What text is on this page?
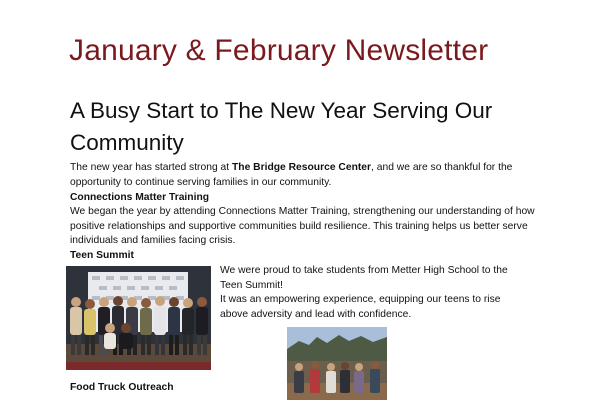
January & February Newsletter
A Busy Start to The New Year Serving Our Community

The new year has started strong at The Bridge Resource Center, and we are so thankful for the opportunity to continue serving families in our community.

Connections Matter Training

We began the year by attending Connections Matter Training, strengthening our understanding of how positive relationships and supportive communities build resilience. This training helps us better serve individuals and families facing crisis.

Teen Summit

We were proud to take students from Metter High School to the Teen Summit!

It was an empowering experience, equipping our teens to rise above adversity and lead with confidence.

Food Truck Outreach
